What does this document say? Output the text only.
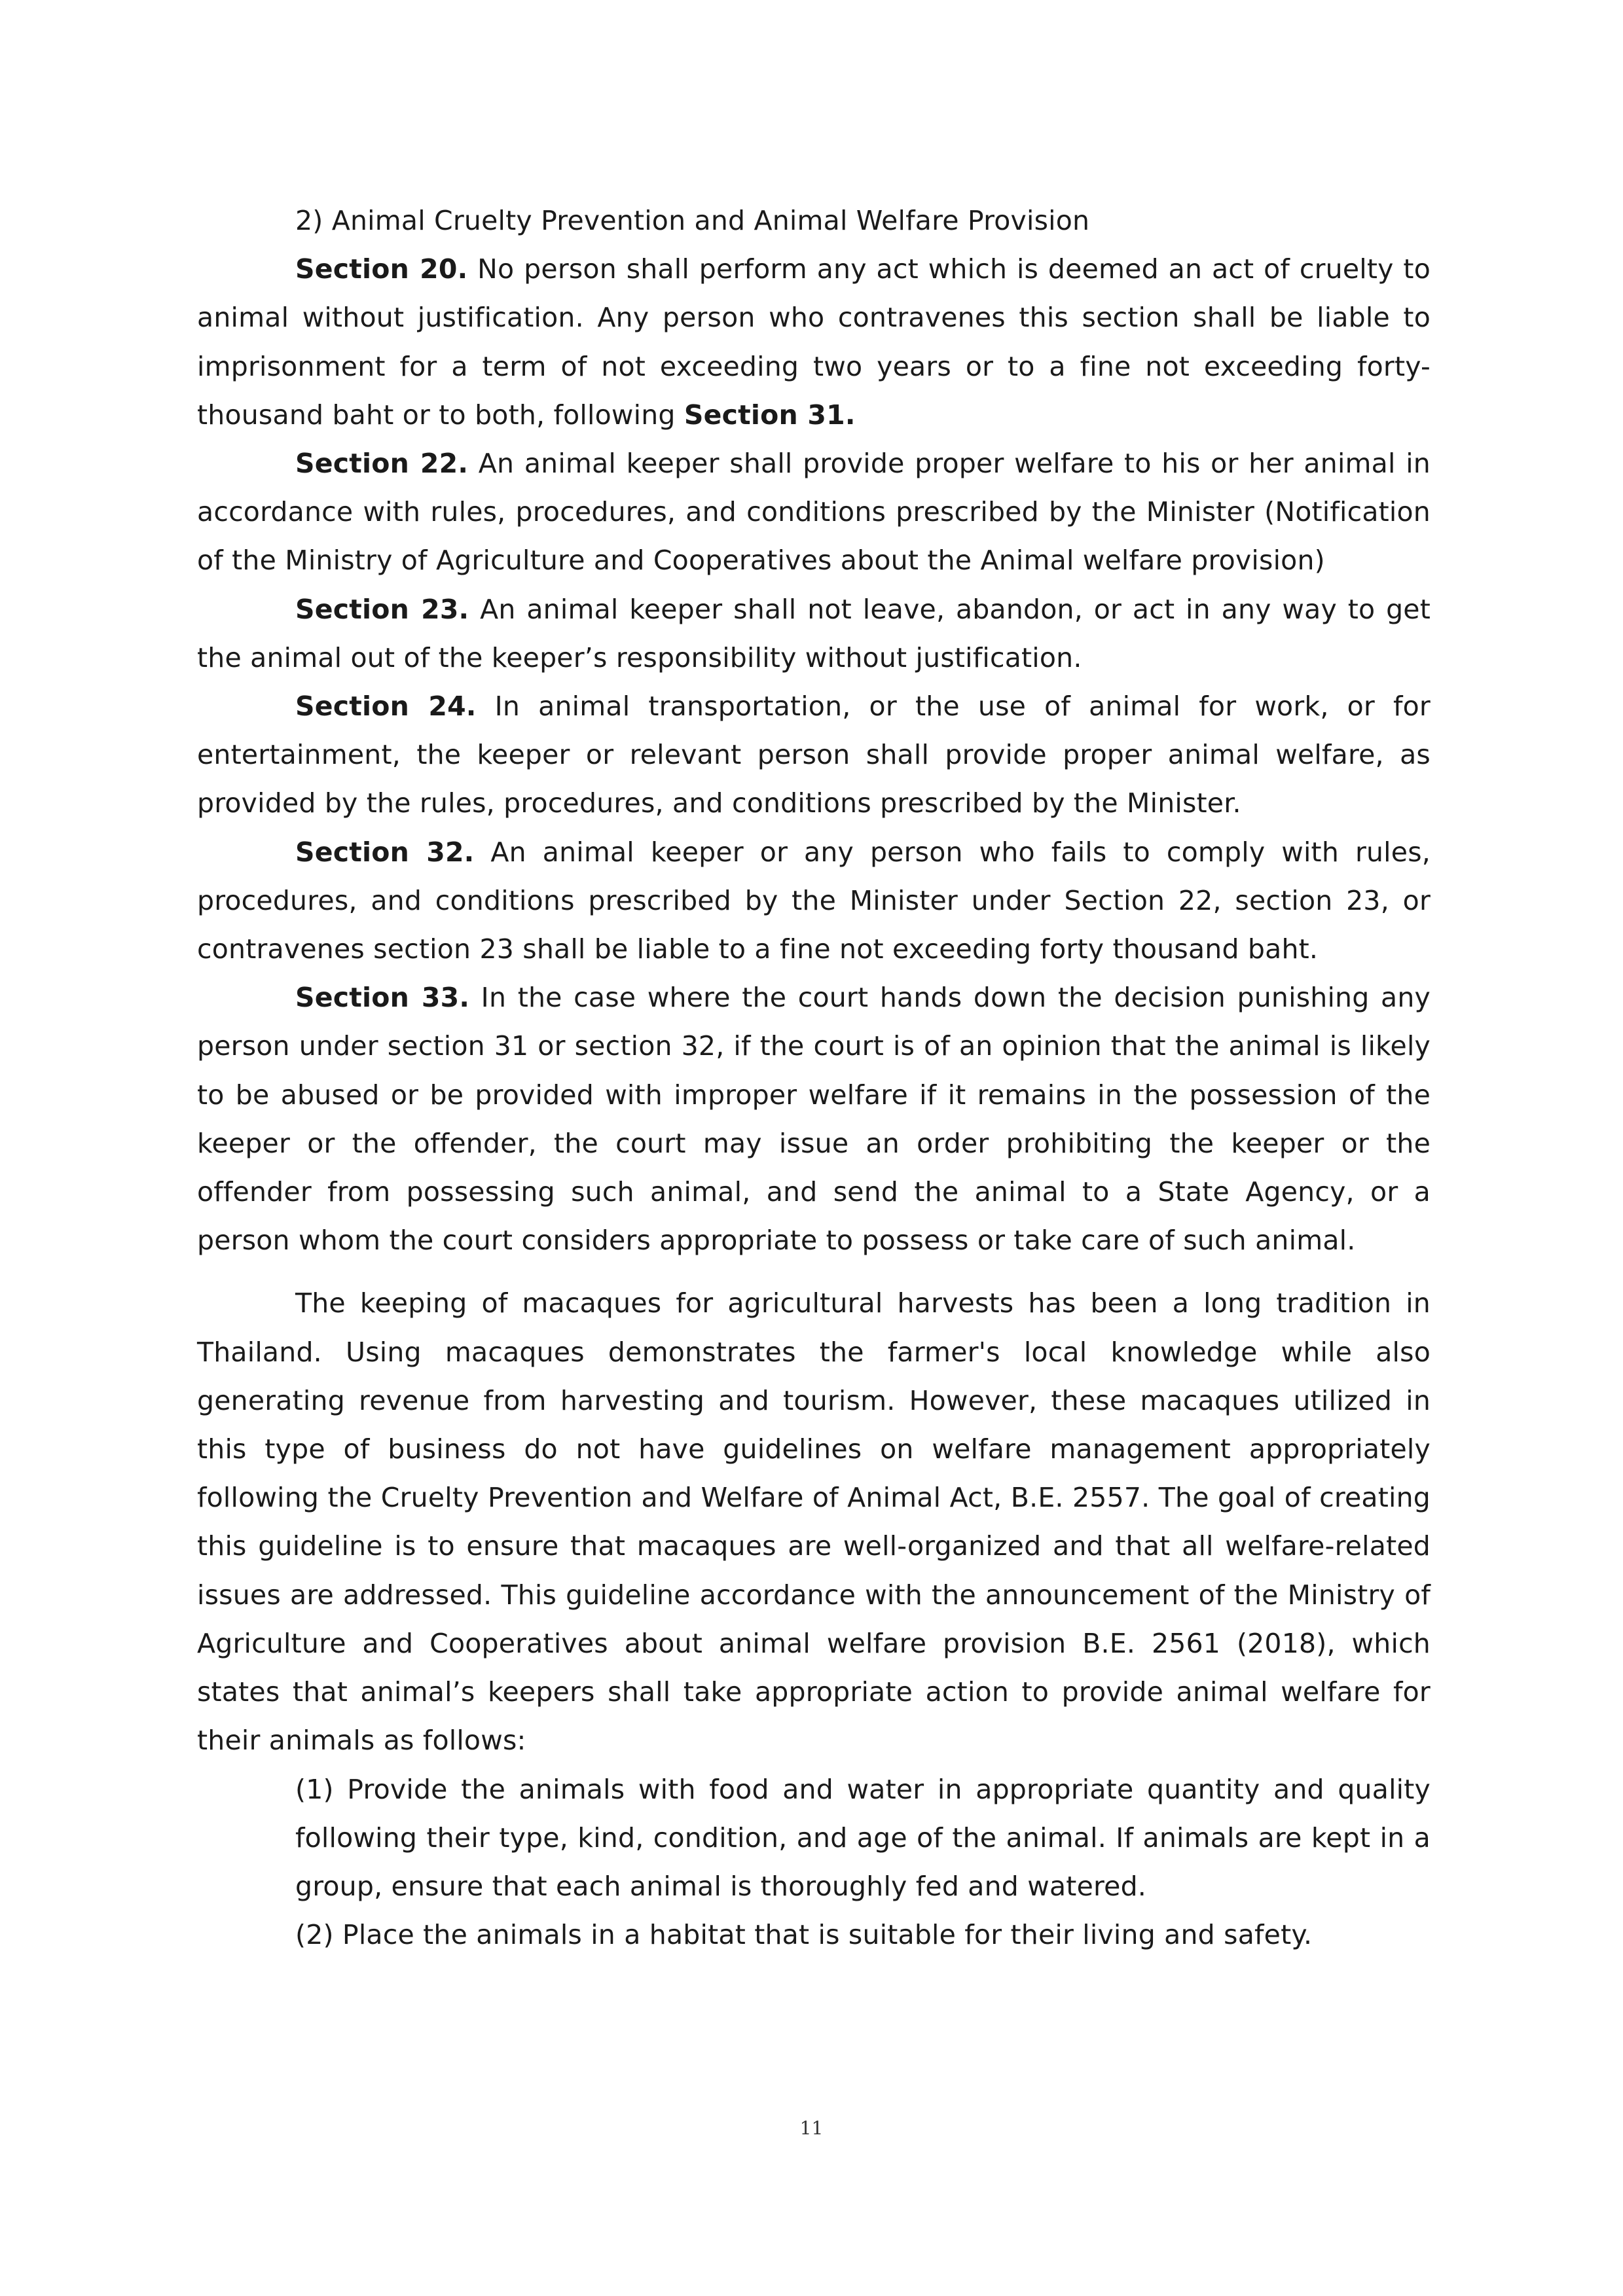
2) Animal Cruelty Prevention and Animal Welfare Provision

Section 20. No person shall perform any act which is deemed an act of cruelty to animal without justification. Any person who contravenes this section shall be liable to imprisonment for a term of not exceeding two years or to a fine not exceeding forty-thousand baht or to both, following Section 31.

Section 22. An animal keeper shall provide proper welfare to his or her animal in accordance with rules, procedures, and conditions prescribed by the Minister (Notification of the Ministry of Agriculture and Cooperatives about the Animal welfare provision)

Section 23. An animal keeper shall not leave, abandon, or act in any way to get the animal out of the keeper’s responsibility without justification.

Section 24. In animal transportation, or the use of animal for work, or for entertainment, the keeper or relevant person shall provide proper animal welfare, as provided by the rules, procedures, and conditions prescribed by the Minister.

Section 32. An animal keeper or any person who fails to comply with rules, procedures, and conditions prescribed by the Minister under Section 22, section 23, or contravenes section 23 shall be liable to a fine not exceeding forty thousand baht.

Section 33. In the case where the court hands down the decision punishing any person under section 31 or section 32, if the court is of an opinion that the animal is likely to be abused or be provided with improper welfare if it remains in the possession of the keeper or the offender, the court may issue an order prohibiting the keeper or the offender from possessing such animal, and send the animal to a State Agency, or a person whom the court considers appropriate to possess or take care of such animal.

The keeping of macaques for agricultural harvests has been a long tradition in Thailand. Using macaques demonstrates the farmer's local knowledge while also generating revenue from harvesting and tourism. However, these macaques utilized in this type of business do not have guidelines on welfare management appropriately following the Cruelty Prevention and Welfare of Animal Act, B.E. 2557. The goal of creating this guideline is to ensure that macaques are well-organized and that all welfare-related issues are addressed. This guideline accordance with the announcement of the Ministry of Agriculture and Cooperatives about animal welfare provision B.E. 2561 (2018), which states that animal’s keepers shall take appropriate action to provide animal welfare for their animals as follows:

(1) Provide the animals with food and water in appropriate quantity and quality following their type, kind, condition, and age of the animal. If animals are kept in a group, ensure that each animal is thoroughly fed and watered.

(2) Place the animals in a habitat that is suitable for their living and safety.

11
